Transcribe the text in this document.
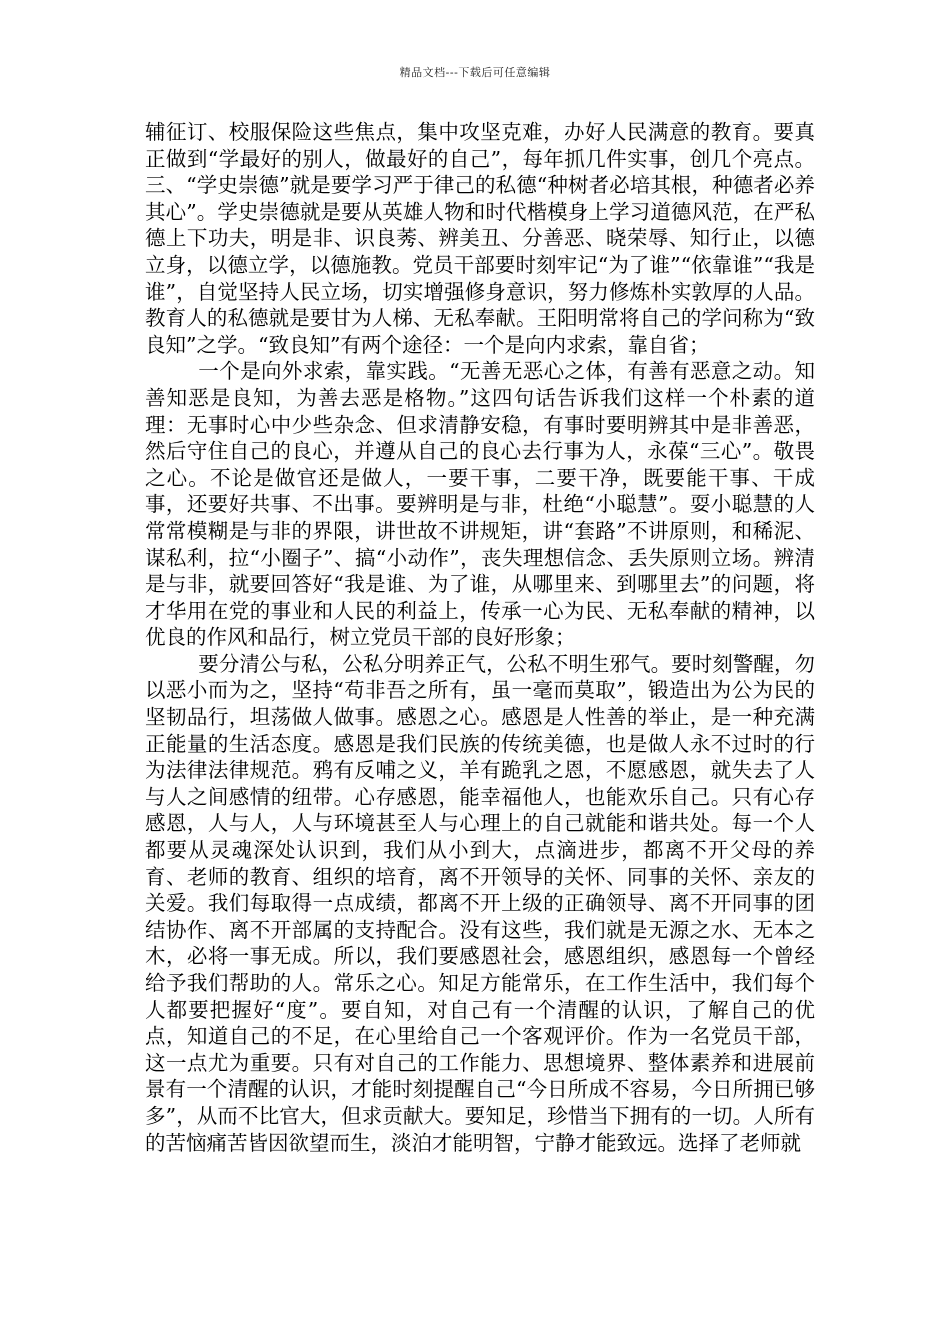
精品文档---下载后可任意编辑

辅征订、校服保险这些焦点，集中攻坚克难，办好人民满意的教育。要真正做到“学最好的别人，做最好的自己”，每年抓几件实事，创几个亮点。三、“学史崇德”就是要学习严于律己的私德“种树者必培其根，种德者必养其心”。学史崇德就是要从英雄人物和时代楷模身上学习道德风范，在严私德上下功夫，明是非、识良莠、辨美丑、分善恶、晓荣辱、知行止，以德立身，以德立学，以德施教。党员干部要时刻牢记“为了谁”“依靠谁”“我是谁”，自觉坚持人民立场，切实增强修身意识，努力修炼朴实敦厚的人品。教育人的私德就是要甘为人梯、无私奉献。王阳明常将自己的学问称为“致良知”之学。“致良知”有两个途径：一个是向内求索，靠自省；

一个是向外求索，靠实践。“无善无恶心之体，有善有恶意之动。知善知恶是良知，为善去恶是格物。”这四句话告诉我们这样一个朴素的道理：无事时心中少些杂念、但求清静安稳，有事时要明辨其中是非善恶，然后守住自己的良心，并遵从自己的良心去行事为人，永葆“三心”。敬畏之心。不论是做官还是做人，一要干事，二要干净，既要能干事、干成事，还要好共事、不出事。要辨明是与非，杜绝“小聪慧”。耍小聪慧的人常常模糊是与非的界限，讲世故不讲规矩，讲“套路”不讲原则，和稀泥、谋私利，拉“小圈子”、搞“小动作”，丧失理想信念、丢失原则立场。辨清是与非，就要回答好“我是谁、为了谁，从哪里来、到哪里去”的问题，将才华用在党的事业和人民的利益上，传承一心为民、无私奉献的精神，以优良的作风和品行，树立党员干部的良好形象；

要分清公与私，公私分明养正气，公私不明生邪气。要时刻警醒，勿以恶小而为之，坚持“苟非吾之所有，虽一毫而莫取”，锻造出为公为民的坚韧品行，坦荡做人做事。感恩之心。感恩是人性善的举止，是一种充满正能量的生活态度。感恩是我们民族的传统美德，也是做人永不过时的行为法律法律规范。鸦有反哺之义，羊有跪乳之恩，不愿感恩，就失去了人与人之间感情的纽带。心存感恩，能幸福他人，也能欢乐自己。只有心存感恩，人与人，人与环境甚至人与心理上的自己就能和谐共处。每一个人都要从灵魂深处认识到，我们从小到大，点滴进步，都离不开父母的养育、老师的教育、组织的培育，离不开领导的关怀、同事的关怀、亲友的关爱。我们每取得一点成绩，都离不开上级的正确领导、离不开同事的团结协作、离不开部属的支持配合。没有这些，我们就是无源之水、无本之木，必将一事无成。所以，我们要感恩社会，感恩组织，感恩每一个曾经给予我们帮助的人。常乐之心。知足方能常乐，在工作生活中，我们每个人都要把握好“度”。要自知，对自己有一个清醒的认识，了解自己的优点，知道自己的不足，在心里给自己一个客观评价。作为一名党员干部，这一点尤为重要。只有对自己的工作能力、思想境界、整体素养和进展前景有一个清醒的认识，才能时刻提醒自己“今日所成不容易，今日所拥已够多”，从而不比官大，但求贡献大。要知足，珍惜当下拥有的一切。人所有的苦恼痛苦皆因欲望而生，淡泊才能明智，宁静才能致远。选择了老师就
